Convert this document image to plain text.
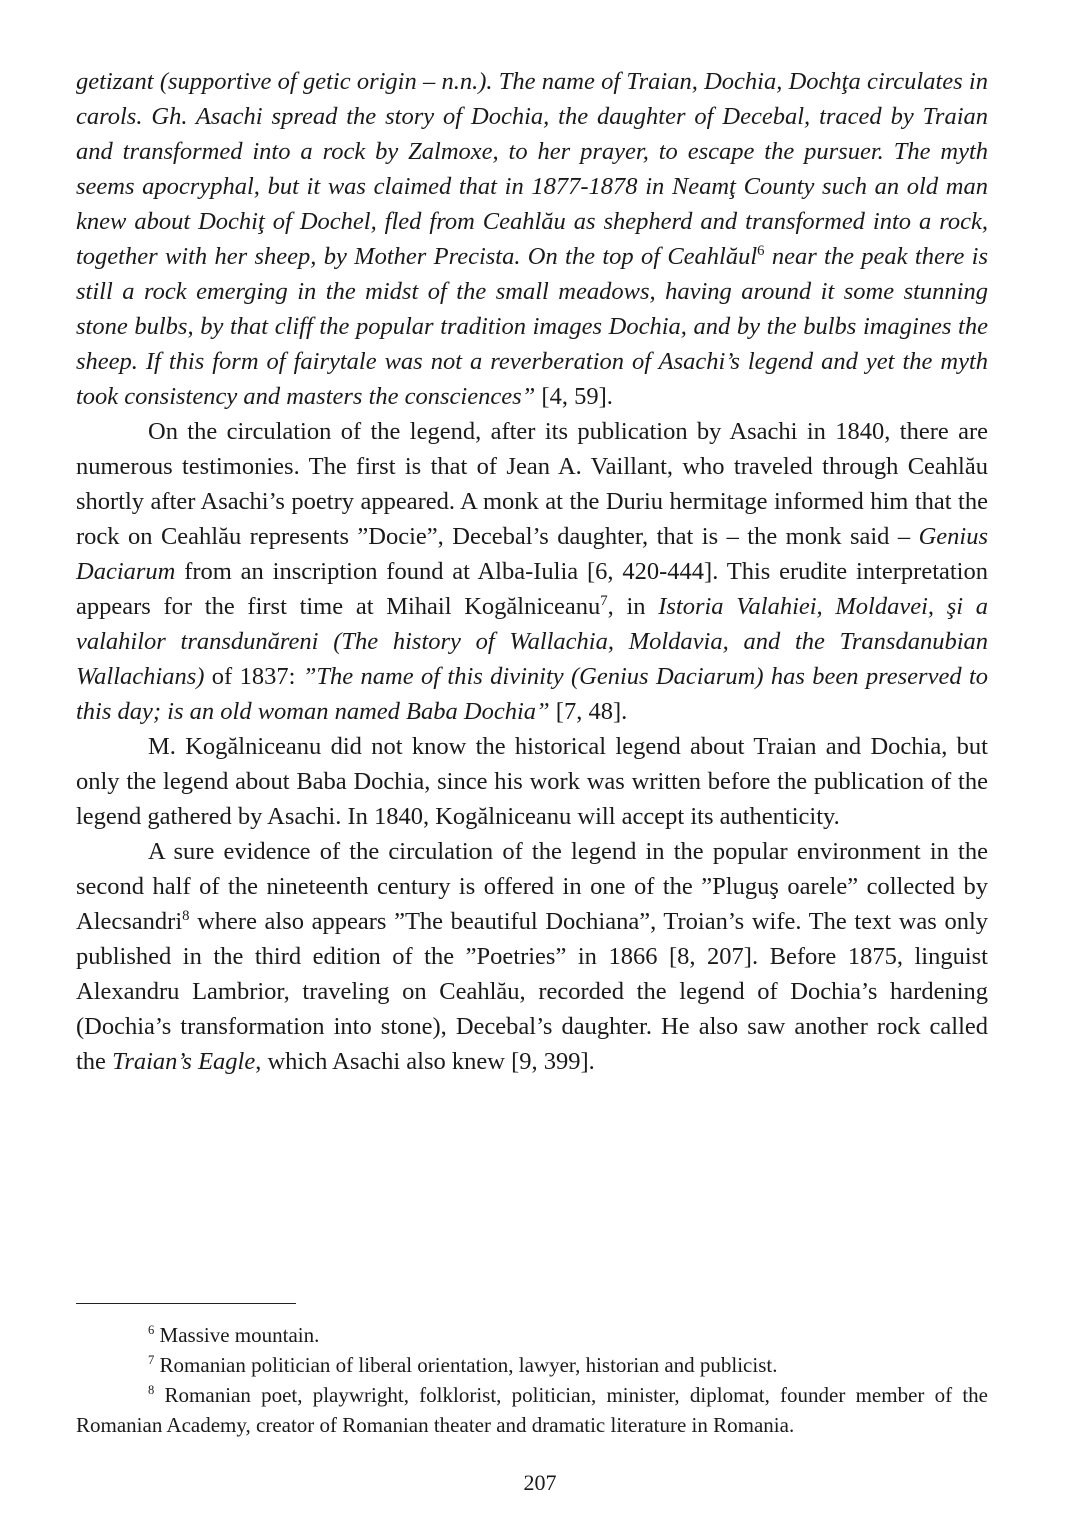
getizant (supportive of getic origin – n.n.). The name of Traian, Dochia, Dochţa circulates in carols. Gh. Asachi spread the story of Dochia, the daughter of Decebal, traced by Traian and transformed into a rock by Zalmoxe, to her prayer, to escape the pursuer. The myth seems apocryphal, but it was claimed that in 1877-1878 in Neamţ County such an old man knew about Dochiţ of Dochel, fled from Ceahlău as shepherd and transformed into a rock, together with her sheep, by Mother Precista. On the top of Ceahlăul$^6$ near the peak there is still a rock emerging in the midst of the small meadows, having around it some stunning stone bulbs, by that cliff the popular tradition images Dochia, and by the bulbs imagines the sheep. If this form of fairytale was not a reverberation of Asachi’s legend and yet the myth took consistency and masters the consciences” [4, 59].

On the circulation of the legend, after its publication by Asachi in 1840, there are numerous testimonies. The first is that of Jean A. Vaillant, who traveled through Ceahlău shortly after Asachi’s poetry appeared. A monk at the Duriu hermitage informed him that the rock on Ceahlău represents ”Docie”, Decebal’s daughter, that is – the monk said – Genius Daciarum from an inscription found at Alba-Iulia [6, 420-444]. This erudite interpretation appears for the first time at Mihail Kogălniceanu$^7$, in Istoria Valahiei, Moldavei, şi a valahilor transdunăreni (The history of Wallachia, Moldavia, and the Transdanubian Wallachians) of 1837: ”The name of this divinity (Genius Daciarum) has been preserved to this day; is an old woman named Baba Dochia” [7, 48].

M. Kogălniceanu did not know the historical legend about Traian and Dochia, but only the legend about Baba Dochia, since his work was written before the publication of the legend gathered by Asachi. In 1840, Kogălniceanu will accept its authenticity.

A sure evidence of the circulation of the legend in the popular environment in the second half of the nineteenth century is offered in one of the ”Pluguş oarele” collected by Alecsandri$^8$ where also appears ”The beautiful Dochiana”, Troian’s wife. The text was only published in the third edition of the ”Poetries” in 1866 [8, 207]. Before 1875, linguist Alexandru Lambrior, traveling on Ceahlău, recorded the legend of Dochia’s hardening (Dochia’s transformation into stone), Decebal’s daughter. He also saw another rock called the Traian’s Eagle, which Asachi also knew [9, 399].

$^6$ Massive mountain.

$^7$ Romanian politician of liberal orientation, lawyer, historian and publicist.

$^8$ Romanian poet, playwright, folklorist, politician, minister, diplomat, founder member of the Romanian Academy, creator of Romanian theater and dramatic literature in Romania.

207
